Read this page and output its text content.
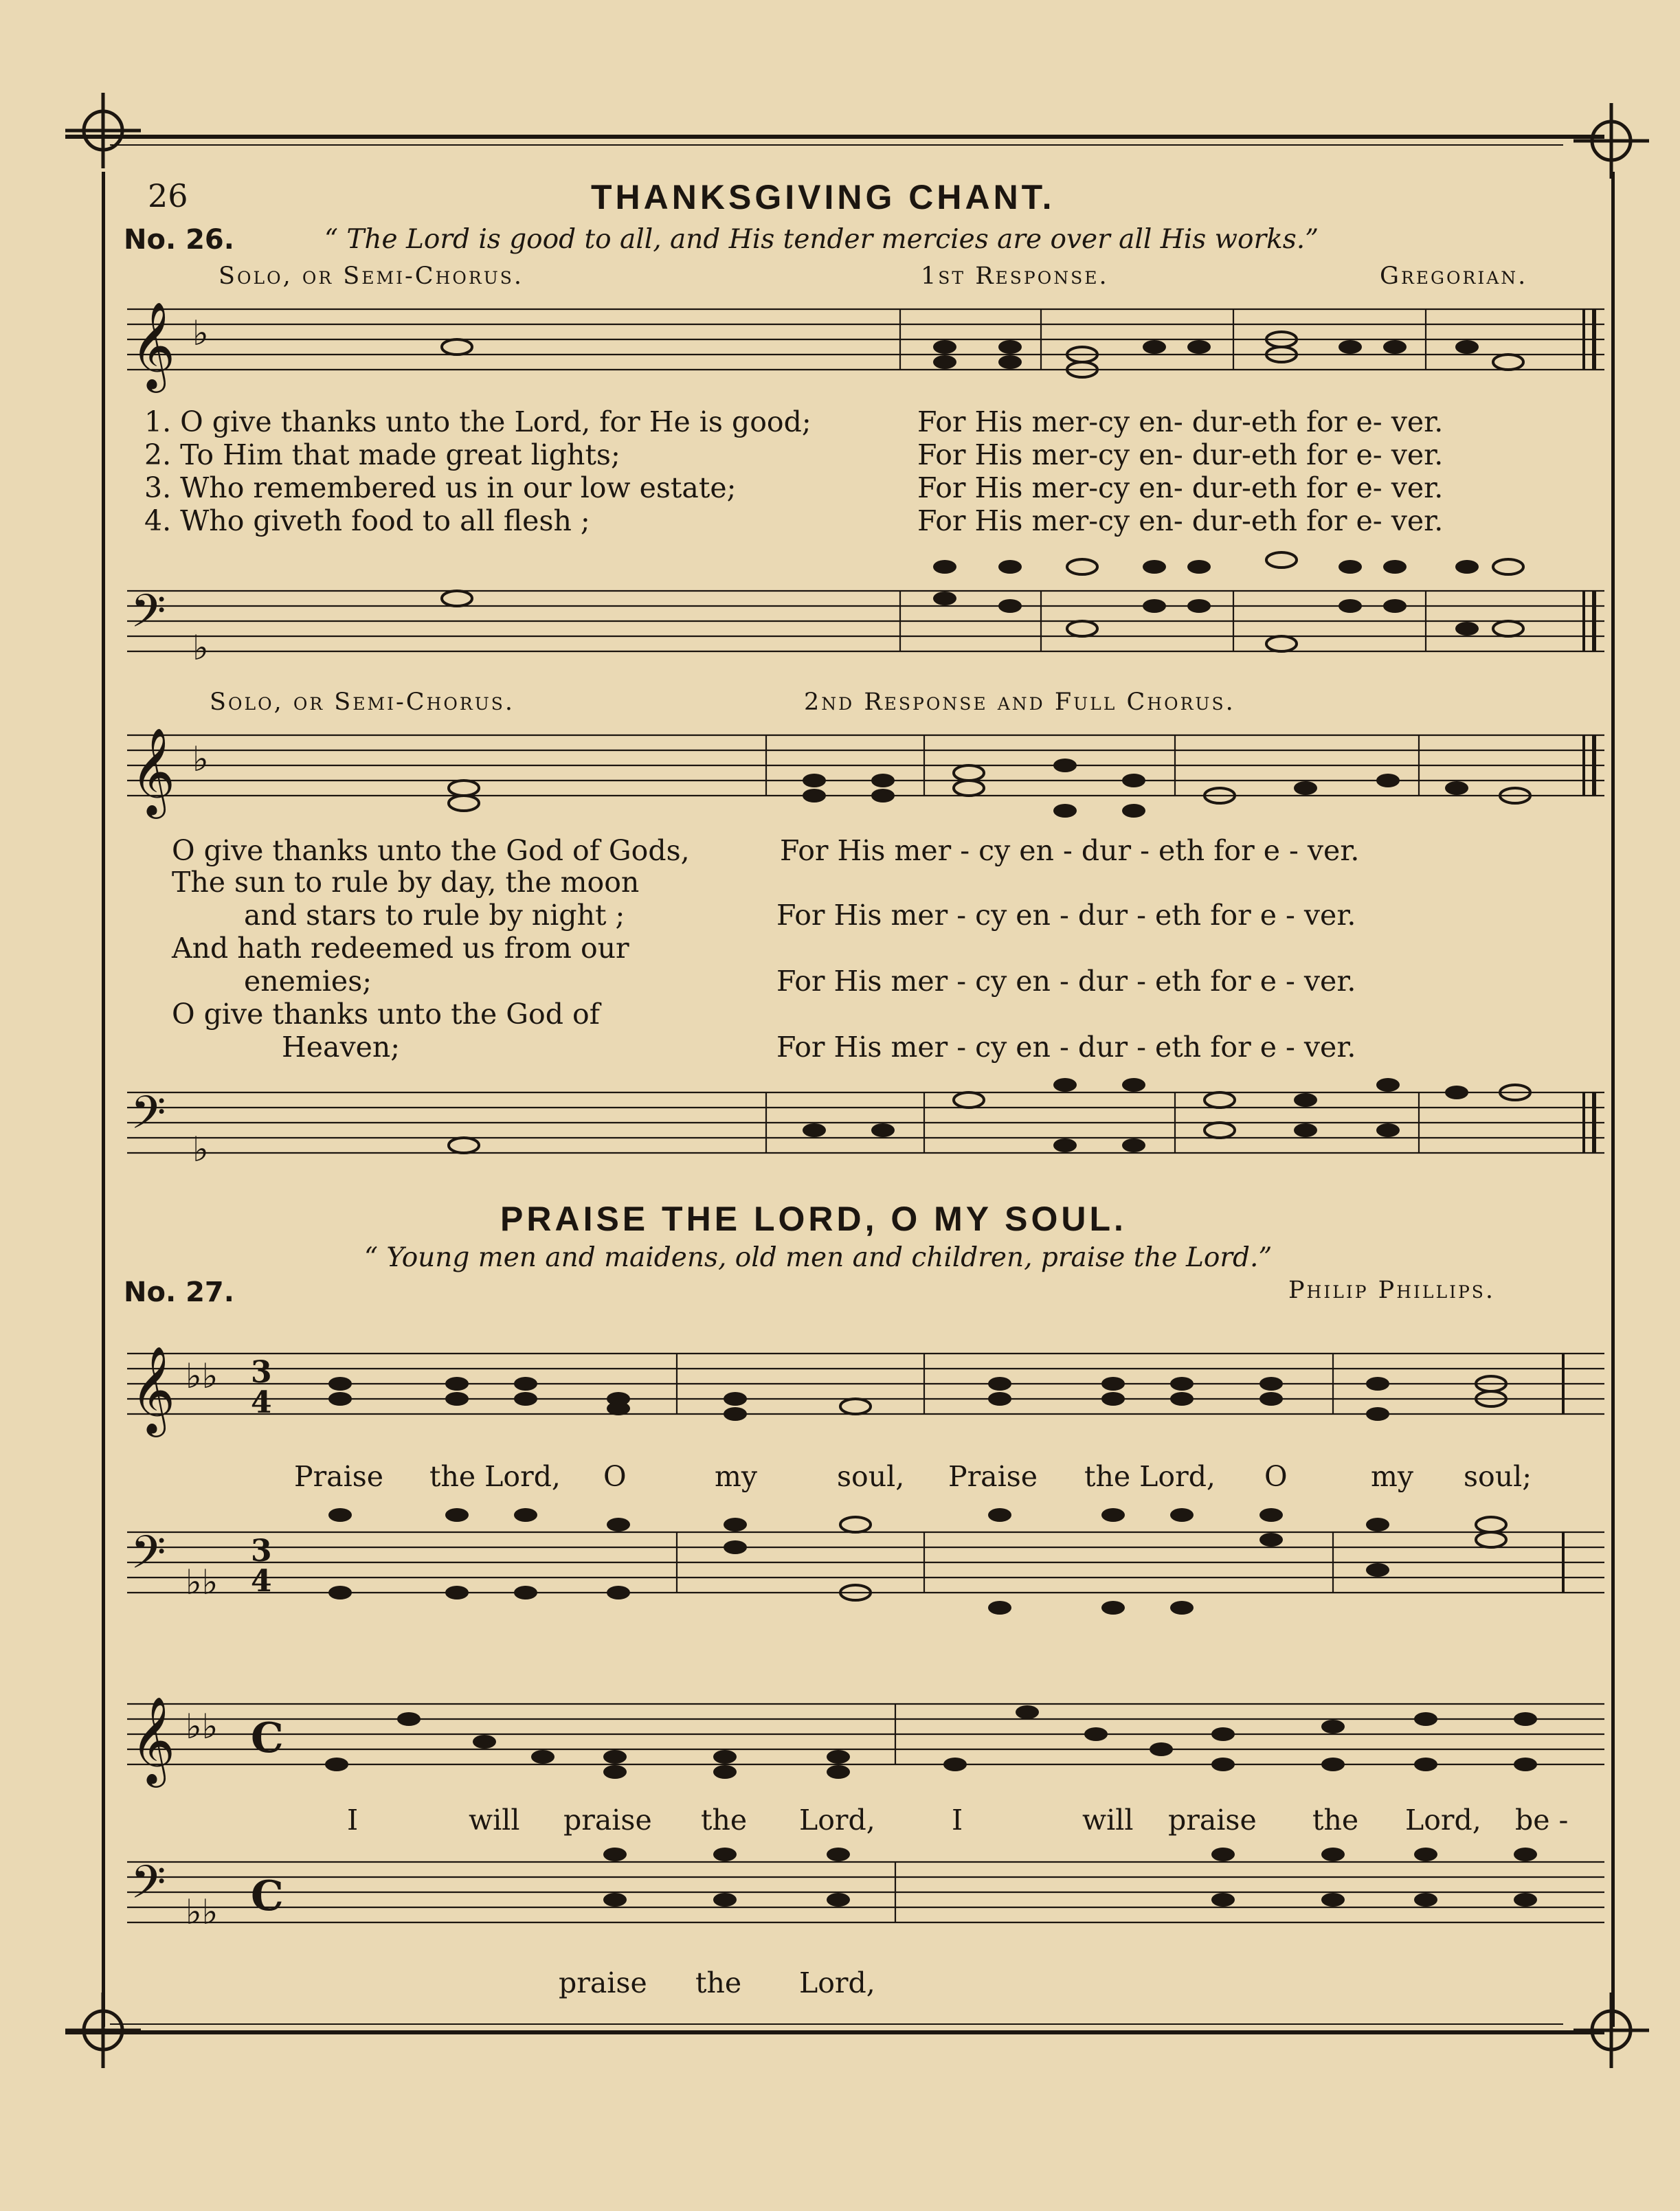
26	THANKSGIVING CHANT.
No. 26.	“ The Lord is good to all, and His tender mercies are over all His works.”
Solo, or Semi-Chorus.	1st Response.	Gregorian.
𝄞 ♭
1. O give thanks unto the Lord, for He is good;	For His mer-cy en- dur-eth for e- ver.
2. To Him that made great lights;	For His mer-cy en- dur-eth for e- ver.
3. Who remembered us in our low estate;	For His mer-cy en- dur-eth for e- ver.
4. Who giveth food to all flesh ;	For His mer-cy en- dur-eth for e- ver.
𝄢 ♭
Solo, or Semi-Chorus.	2nd Response and Full Chorus.
𝄞 ♭
O give thanks unto the God of Gods,	For His mer - cy en - dur - eth for e - ver.
The sun to rule by day, the moon
and stars to rule by night ;	For His mer - cy en - dur - eth for e - ver.
And hath redeemed us from our
enemies;	For His mer - cy en - dur - eth for e - ver.
O give thanks unto the God of
Heaven;	For His mer - cy en - dur - eth for e - ver.
𝄢 ♭
PRAISE THE LORD, O MY SOUL.
“ Young men and maidens, old men and children, praise the Lord.”
No. 27.	Philip Phillips.
𝄞 ♭♭ 3
4
Praise the Lord, O	my	soul, Praise the Lord, O	my soul;
𝄢 ♭♭
3
4
𝄞 ♭♭ C
I	will praise the Lord,	I	will praise the Lord, be -
𝄢 ♭♭ C
praise the Lord,
